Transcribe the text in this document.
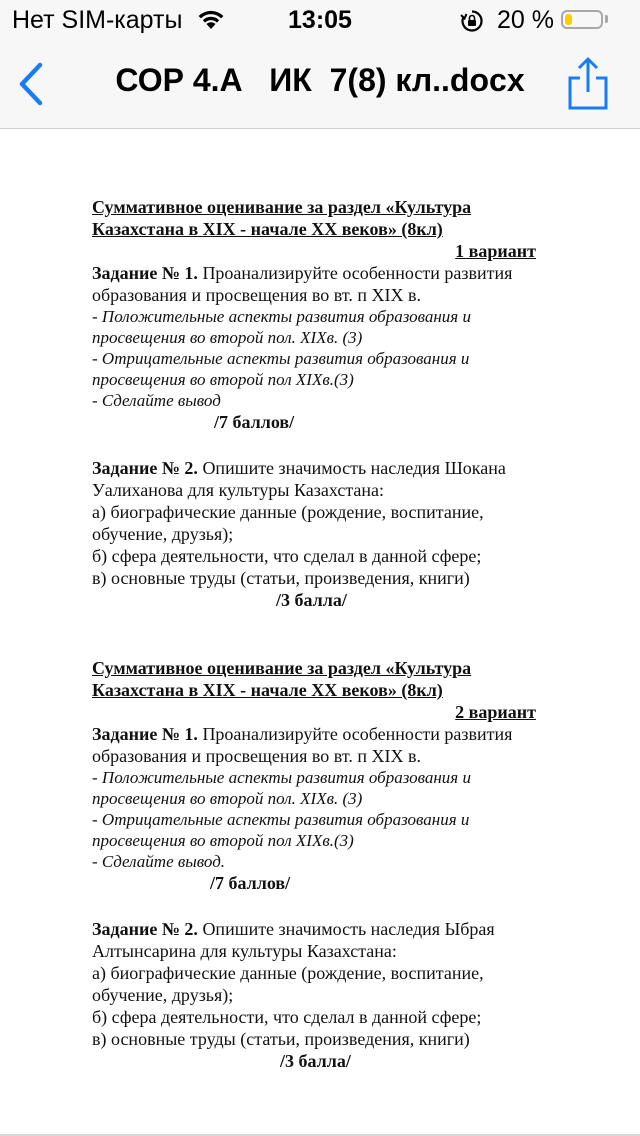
Нет SIM-карты	13:05	20 %
СОР 4.А   ИК  7(8) кл..docx

Суммативное оценивание за раздел «Культура

Казахстана в XIX - начале XX веков» (8кл)

1 вариант

Задание № 1. Проанализируйте особенности развития образования и просвещения во вт. п XIX в.

- Положительные аспекты развития образования и просвещения во второй пол. XIXв. (3)

- Отрицательные аспекты развития образования и просвещения во второй пол XIXв.(3)

- Сделайте вывод

/7 баллов/

Задание № 2. Опишите значимость наследия Шокана Уалиханова для культуры Казахстана:

а) биографические данные (рождение, воспитание, обучение, друзья);

б) сфера деятельности, что сделал в данной сфере;

в) основные труды (статьи, произведения, книги)

/3 балла/

Суммативное оценивание за раздел «Культура

Казахстана в XIX - начале XX веков» (8кл)

2 вариант

Задание № 1. Проанализируйте особенности развития образования и просвещения во вт. п XIX в.

- Положительные аспекты развития образования и просвещения во второй пол. XIXв. (3)

- Отрицательные аспекты развития образования и просвещения во второй пол XIXв.(3)

- Сделайте вывод.

/7 баллов/

Задание № 2. Опишите значимость наследия Ыбрая Алтынсарина для культуры Казахстана:

а) биографические данные (рождение, воспитание, обучение, друзья);

б) сфера деятельности, что сделал в данной сфере;

в) основные труды (статьи, произведения, книги)

/3 балла/
